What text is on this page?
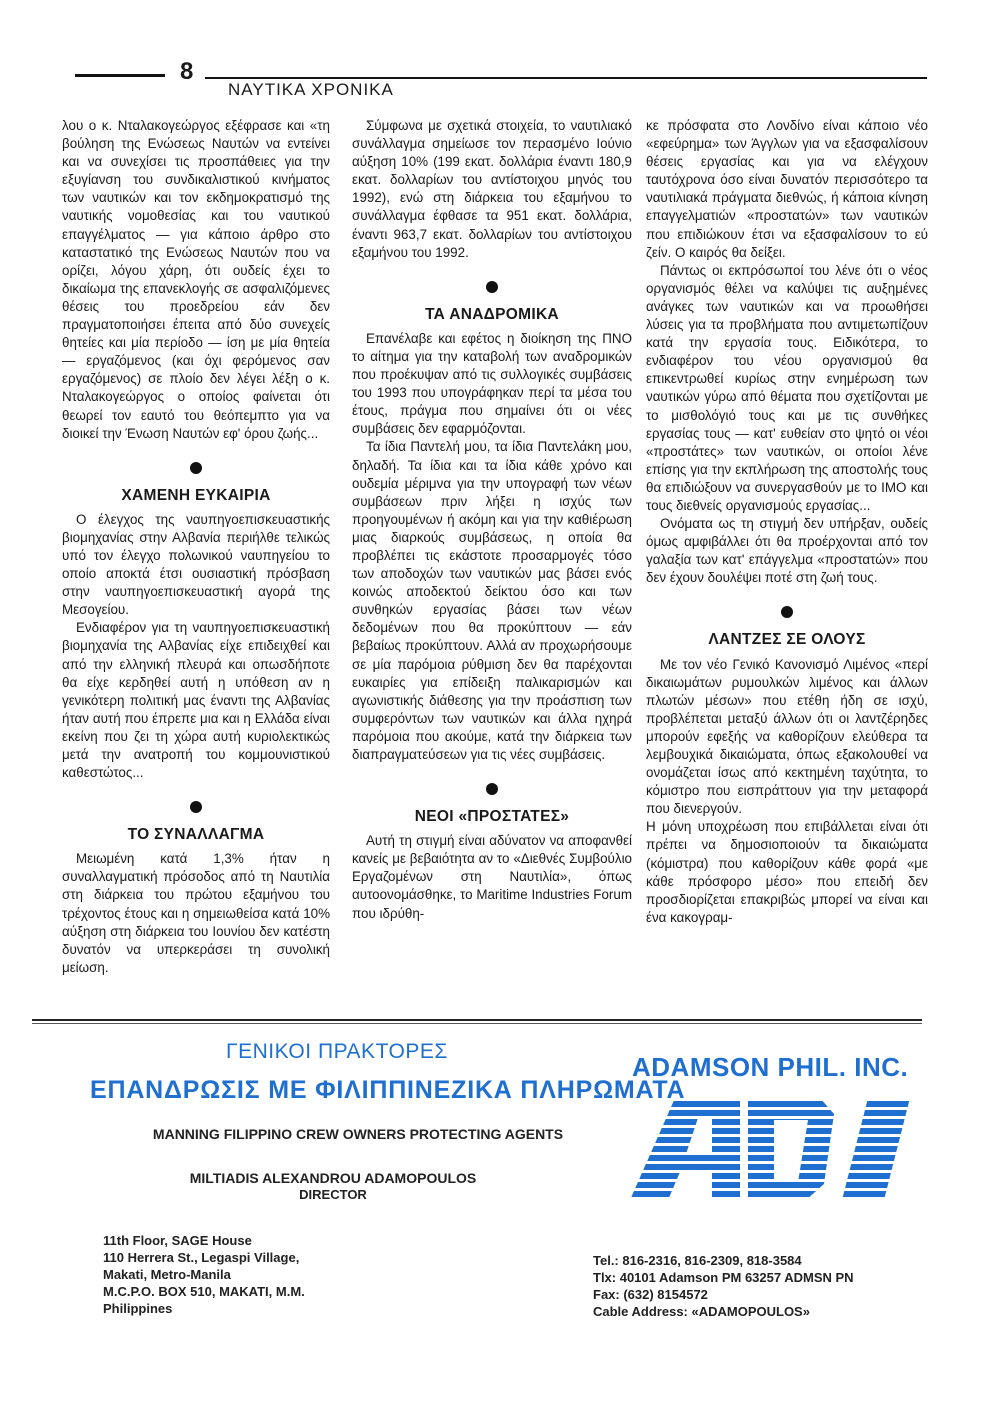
8
ΝΑΥΤΙΚΑ ΧΡΟΝΙΚΑ

λου ο κ. Νταλακογεώργος εξέφρασε και «τη βούληση της Ενώσεως Ναυτών να εντείνει και να συνεχίσει τις προσπάθειες για την εξυγίανση του συνδικαλιστικού κινήματος των ναυτικών και τον εκδημοκρατισμό της ναυτικής νομοθεσίας και του ναυτικού επαγγέλματος — για κάποιο άρθρο στο καταστατικό της Ενώσεως Ναυτών που να ορίζει, λόγου χάρη, ότι ουδείς έχει το δικαίωμα της επανεκλογής σε ασφαλιζόμενες θέσεις του προεδρείου εάν δεν πραγματοποιήσει έπειτα από δύο συνεχείς θητείες και μία περίοδο — ίση με μία θητεία — εργαζόμενος (και όχι φερόμενος σαν εργαζόμενος) σε πλοίο δεν λέγει λέξη ο κ. Νταλακογεώργος ο οποίος φαίνεται ότι θεωρεί τον εαυτό του θεόπεμπτο για να διοικεί την Ένωση Ναυτών εφ' όρου ζωής...

ΧΑΜΕΝΗ ΕΥΚΑΙΡΙΑ

Ο έλεγχος της ναυπηγοεπισκευαστικής βιομηχανίας στην Αλβανία περιήλθε τελικώς υπό τον έλεγχο πολωνικού ναυπηγείου το οποίο αποκτά έτσι ουσιαστική πρόσβαση στην ναυπηγοεπισκευαστική αγορά της Μεσογείου.

Ενδιαφέρον για τη ναυπηγοεπισκευαστική βιομηχανία της Αλβανίας είχε επιδειχθεί και από την ελληνική πλευρά και οπωσδήποτε θα είχε κερδηθεί αυτή η υπόθεση αν η γενικότερη πολιτική μας έναντι της Αλβανίας ήταν αυτή που έπρεπε μια και η Ελλάδα είναι εκείνη που ζει τη χώρα αυτή κυριολεκτικώς μετά την ανατροπή του κομμουνιστικού καθεστώτος...

ΤΟ ΣΥΝΑΛΛΑΓΜΑ

Μειωμένη κατά 1,3% ήταν η συναλλαγματική πρόσοδος από τη Ναυτιλία στη διάρκεια του πρώτου εξαμήνου του τρέχοντος έτους και η σημειωθείσα κατά 10% αύξηση στη διάρκεια του Ιουνίου δεν κατέστη δυνατόν να υπερκεράσει τη συνολική μείωση.

Σύμφωνα με σχετικά στοιχεία, το ναυτιλιακό συνάλλαγμα σημείωσε τον περασμένο Ιούνιο αύξηση 10% (199 εκατ. δολλάρια έναντι 180,9 εκατ. δολλαρίων του αντίστοιχου μηνός του 1992), ενώ στη διάρκεια του εξαμήνου το συνάλλαγμα έφθασε τα 951 εκατ. δολλάρια, έναντι 963,7 εκατ. δολλαρίων του αντίστοιχου εξαμήνου του 1992.

ΤΑ ΑΝΑΔΡΟΜΙΚΑ

Επανέλαβε και εφέτος η διοίκηση της ΠΝΟ το αίτημα για την καταβολή των αναδρομικών που προέκυψαν από τις συλλογικές συμβάσεις του 1993 που υπογράφηκαν περί τα μέσα του έτους, πράγμα που σημαίνει ότι οι νέες συμβάσεις δεν εφαρμόζονται.

Τα ίδια Παντελή μου, τα ίδια Παντελάκη μου, δηλαδή. Τα ίδια και τα ίδια κάθε χρόνο και ουδεμία μέριμνα για την υπογραφή των νέων συμβάσεων πριν λήξει η ισχύς των προηγουμένων ή ακόμη και για την καθιέρωση μιας διαρκούς συμβάσεως, η οποία θα προβλέπει τις εκάστοτε προσαρμογές τόσο των αποδοχών των ναυτικών μας βάσει ενός κοινώς αποδεκτού δείκτου όσο και των συνθηκών εργασίας βάσει των νέων δεδομένων που θα προκύπτουν — εάν βεβαίως προκύπτουν. Αλλά αν προχωρήσουμε σε μία παρόμοια ρύθμιση δεν θα παρέχονται ευκαιρίες για επίδειξη παλικαρισμών και αγωνιστικής διάθεσης για την προάσπιση των συμφερόντων των ναυτικών και άλλα ηχηρά παρόμοια που ακούμε, κατά την διάρκεια των διαπραγματεύσεων για τις νέες συμβάσεις.

ΝΕΟΙ «ΠΡΟΣΤΑΤΕΣ»

Αυτή τη στιγμή είναι αδύνατον να αποφανθεί κανείς με βεβαιότητα αν το «Διεθνές Συμβούλιο Εργαζομένων στη Ναυτιλία», όπως αυτοονομάσθηκε, το Maritime Industries Forum που ιδρύθη-

κε πρόσφατα στο Λονδίνο είναι κάποιο νέο «εφεύρημα» των Άγγλων για να εξασφαλίσουν θέσεις εργασίας και για να ελέγχουν ταυτόχρονα όσο είναι δυνατόν περισσότερο τα ναυτιλιακά πράγματα διεθνώς, ή κάποια κίνηση επαγγελματιών «προστατών» των ναυτικών που επιδιώκουν έτσι να εξασφαλίσουν το εύ ζείν. Ο καιρός θα δείξει.

Πάντως οι εκπρόσωποί του λένε ότι ο νέος οργανισμός θέλει να καλύψει τις αυξημένες ανάγκες των ναυτικών και να προωθήσει λύσεις για τα προβλήματα που αντιμετωπίζουν κατά την εργασία τους. Ειδικότερα, το ενδιαφέρον του νέου οργανισμού θα επικεντρωθεί κυρίως στην ενημέρωση των ναυτικών γύρω από θέματα που σχετίζονται με το μισθολόγιό τους και με τις συνθήκες εργασίας τους — κατ' ευθείαν στο ψητό οι νέοι «προστάτες» των ναυτικών, οι οποίοι λένε επίσης για την εκπλήρωση της αποστολής τους θα επιδιώξουν να συνεργασθούν με το ΙΜΟ και τους διεθνείς οργανισμούς εργασίας...

Ονόματα ως τη στιγμή δεν υπήρξαν, ουδείς όμως αμφιβάλλει ότι θα προέρχονται από τον γαλαξία των κατ' επάγγελμα «προστατών» που δεν έχουν δουλέψει ποτέ στη ζωή τους.

ΛΑΝΤΖΕΣ ΣΕ ΟΛΟΥΣ

Με τον νέο Γενικό Κανονισμό Λιμένος «περί δικαιωμάτων ρυμουλκών λιμένος και άλλων πλωτών μέσων» που ετέθη ήδη σε ισχύ, προβλέπεται μεταξύ άλλων ότι οι λαντζέρηδες μπορούν εφεξής να καθορίζουν ελεύθερα τα λεμβουχικά δικαιώματα, όπως εξακολουθεί να ονομάζεται ίσως από κεκτημένη ταχύτητα, το κόμιστρο που εισπράττουν για την μεταφορά που διενεργούν.

Η μόνη υποχρέωση που επιβάλλεται είναι ότι πρέπει να δημοσιοποιούν τα δικαιώματα (κόμιστρα) που καθορίζουν κάθε φορά «με κάθε πρόσφορο μέσο» που επειδή δεν προσδιορίζεται επακριβώς μπορεί να είναι και ένα κακογραμ-

ΓΕΝΙΚΟΙ ΠΡΑΚΤΟΡΕΣ
ΕΠΑΝΔΡΩΣΙΣ ΜΕ ΦΙΛΙΠΠΙΝΕΖΙΚΑ ΠΛΗΡΩΜΑΤΑ
ADAMSON PHIL. INC.
MANNING FILIPPINO CREW OWNERS PROTECTING AGENTS
MILTIADIS ALEXANDROU ADAMOPOULOS
DIRECTOR
11th Floor, SAGE House
110 Herrera St., Legaspi Village,
Makati, Metro-Manila
M.C.P.O. BOX 510, MAKATI, M.M.
Philippines
Tel.: 816-2316, 816-2309, 818-3584
Tlx: 40101 Adamson PM 63257 ADMSN PN
Fax: (632) 8154572
Cable Address: «ADAMOPOULOS»
